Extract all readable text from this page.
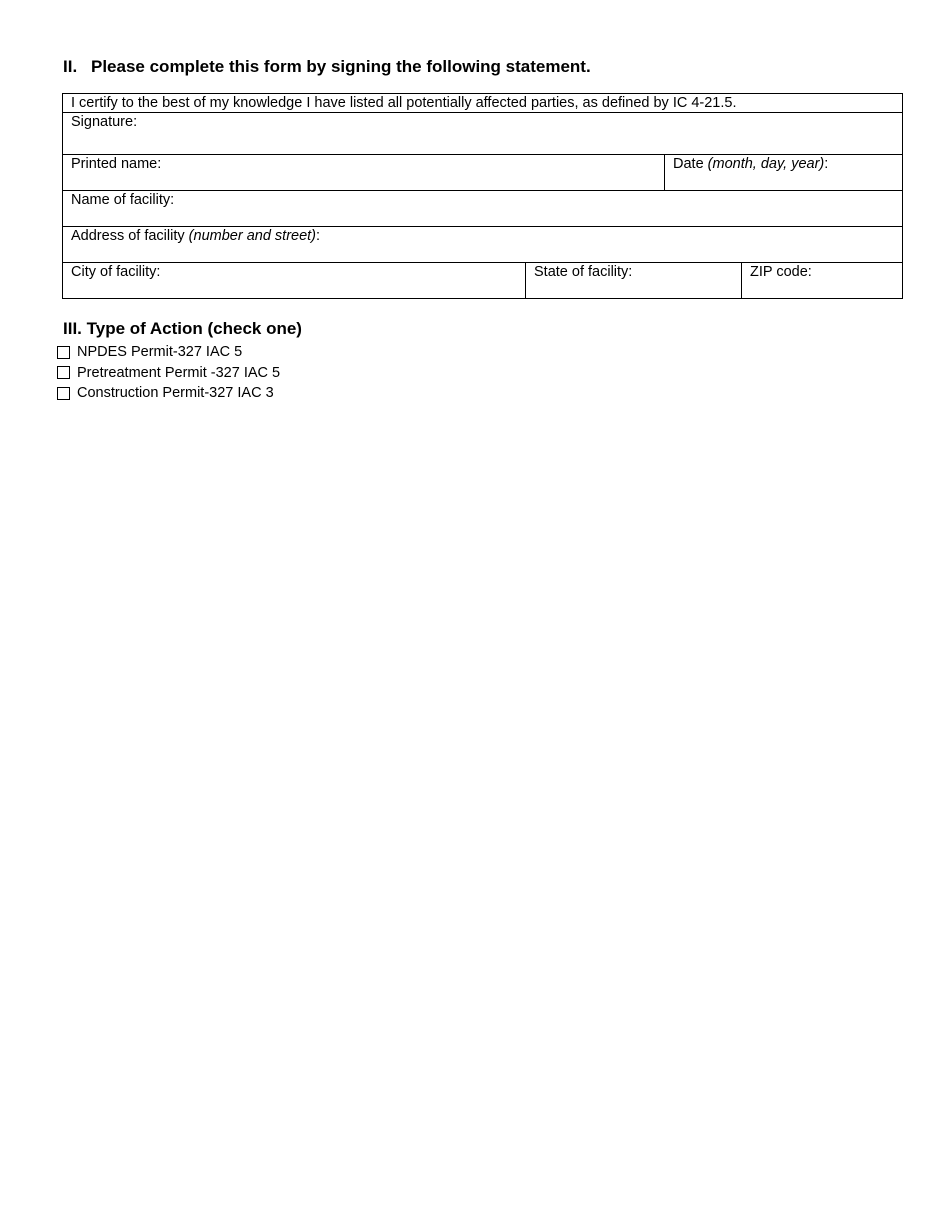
II. Please complete this form by signing the following statement.
I certify to the best of my knowledge I have listed all potentially affected parties, as defined by IC 4-21.5.
Signature:
Printed name:	Date (month, day, year):
Name of facility:
Address of facility (number and street):
City of facility:	State of facility:	ZIP code:
III. Type of Action (check one)
NPDES Permit-327 IAC 5
Pretreatment Permit -327 IAC 5
Construction Permit-327 IAC 3
